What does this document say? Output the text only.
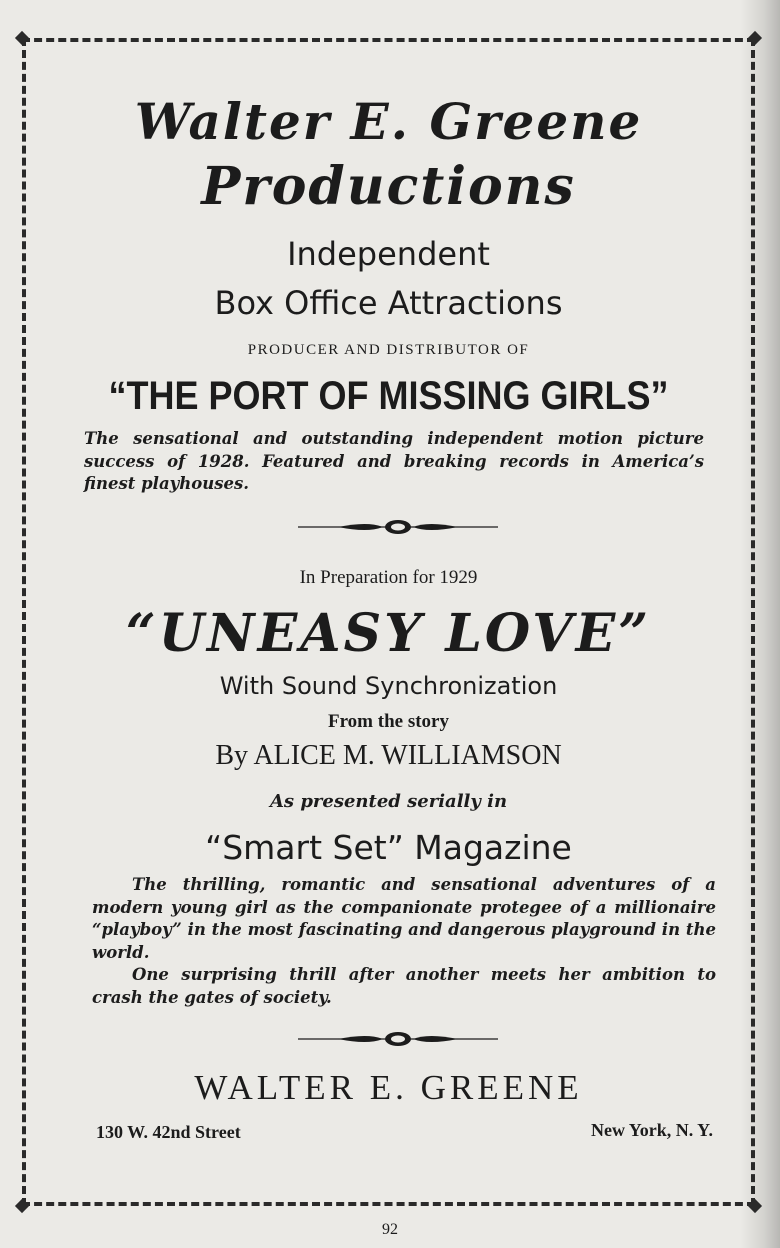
Walter E. Greene
Productions
Independent
Box Office Attractions
PRODUCER AND DISTRIBUTOR OF
“THE PORT OF MISSING GIRLS”

The sensational and outstanding independent motion picture success of 1928. Featured and breaking records in America’s finest playhouses.

In Preparation for 1929
“UNEASY LOVE”
With Sound Synchronization
From the story
By ALICE M. WILLIAMSON
As presented serially in
“Smart Set” Magazine

The thrilling, romantic and sensational adventures of a modern young girl as the companionate protegee of a millionaire “playboy” in the most fascinating and dangerous playground in the world.

One surprising thrill after another meets her ambition to crash the gates of society.

WALTER E. GREENE
130 W. 42nd Street	New York, N. Y.
92
